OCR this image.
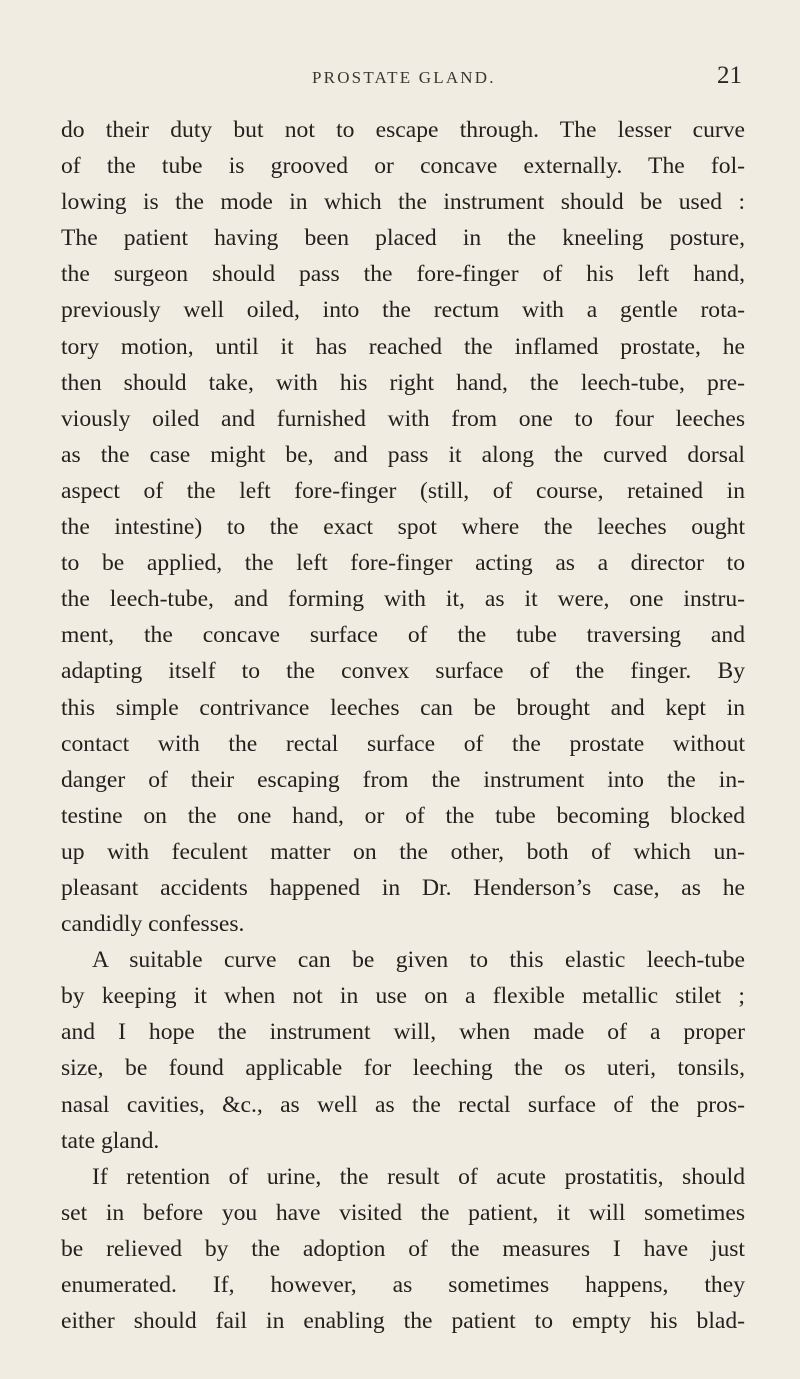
PROSTATE GLAND.	21
do their duty but not to escape through. The lesser curve
of the tube is grooved or concave externally. The fol-
lowing is the mode in which the instrument should be used :
The patient having been placed in the kneeling posture,
the surgeon should pass the fore-finger of his left hand,
previously well oiled, into the rectum with a gentle rota-
tory motion, until it has reached the inflamed prostate, he
then should take, with his right hand, the leech-tube, pre-
viously oiled and furnished with from one to four leeches
as the case might be, and pass it along the curved dorsal
aspect of the left fore-finger (still, of course, retained in
the intestine) to the exact spot where the leeches ought
to be applied, the left fore-finger acting as a director to
the leech-tube, and forming with it, as it were, one instru-
ment, the concave surface of the tube traversing and
adapting itself to the convex surface of the finger. By
this simple contrivance leeches can be brought and kept in
contact with the rectal surface of the prostate without
danger of their escaping from the instrument into the in-
testine on the one hand, or of the tube becoming blocked
up with feculent matter on the other, both of which un-
pleasant accidents happened in Dr. Henderson’s case, as he
candidly confesses.
A suitable curve can be given to this elastic leech-tube
by keeping it when not in use on a flexible metallic stilet ;
and I hope the instrument will, when made of a proper
size, be found applicable for leeching the os uteri, tonsils,
nasal cavities, &c., as well as the rectal surface of the pros-
tate gland.
If retention of urine, the result of acute prostatitis, should
set in before you have visited the patient, it will sometimes
be relieved by the adoption of the measures I have just
enumerated. If, however, as sometimes happens, they
either should fail in enabling the patient to empty his blad-
